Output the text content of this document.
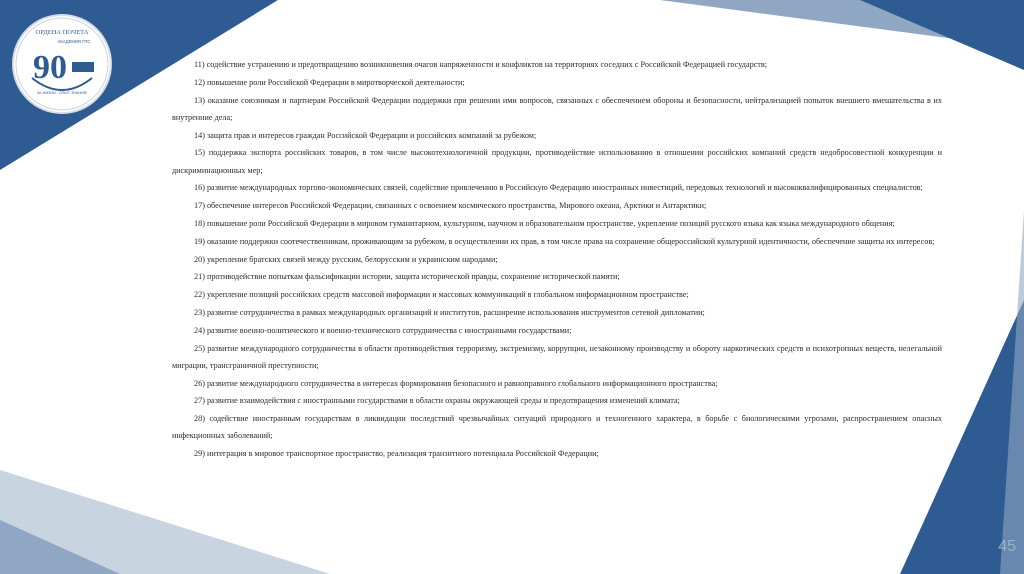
ОРДЕНА ПОЧЕТА
АКАДЕМИЯ ГПС
90
ЗА ЖИЗНИ - ОПЫТ, ЗНАНИЯ!

11) содействие устранению и предотвращению возникновения очагов напряженности и конфликтов на территориях соседних с Российской Федерацией государств;

12) повышение роли Российской Федерации в миротворческой деятельности;

13) оказание союзникам и партнерам Российской Федерации поддержки при решении ими вопросов, связанных с обеспечением обороны и безопасности, нейтрализацией попыток внешнего вмешательства в их внутренние дела;

14) защита прав и интересов граждан Российской Федерации и российских компаний за рубежом;

15) поддержка экспорта российских товаров, в том числе высокотехнологичной продукции, противодействие использованию в отношении российских компаний средств недобросовестной конкуренции и дискриминационных мер;

16) развитие международных торгово-экономических связей, содействие привлечению в Российскую Федерацию иностранных инвестиций, передовых технологий и высококвалифицированных специалистов;

17) обеспечение интересов Российской Федерации, связанных с освоением космического пространства, Мирового океана, Арктики и Антарктики;

18) повышение роли Российской Федерации в мировом гуманитарном, культурном, научном и образовательном пространстве, укрепление позиций русского языка как языка международного общения;

19) оказание поддержки соотечественникам, проживающим за рубежом, в осуществлении их прав, в том числе права на сохранение общероссийской культурной идентичности, обеспечение защиты их интересов;

20) укрепление братских связей между русским, белорусским и украинским народами;

21) противодействие попыткам фальсификации истории, защита исторической правды, сохранение исторической памяти;

22) укрепление позиций российских средств массовой информации и массовых коммуникаций в глобальном информационном пространстве;

23) развитие сотрудничества в рамках международных организаций и институтов, расширение использования инструментов сетевой дипломатии;

24) развитие военно-политического и военно-технического сотрудничества с иностранными государствами;

25) развитие международного сотрудничества в области противодействия терроризму, экстремизму, коррупции, незаконному производству и обороту наркотических средств и психотропных веществ, нелегальной миграции, трансграничной преступности;

26) развитие международного сотрудничества в интересах формирования безопасного и равноправного глобального информационного пространства;

27) развитие взаимодействия с иностранными государствами в области охраны окружающей среды и предотвращения изменений климата;

28) содействие иностранным государствам в ликвидации последствий чрезвычайных ситуаций природного и техногенного характера, в борьбе с биологическими угрозами, распространением опасных инфекционных заболеваний;

29) интеграция в мировое транспортное пространство, реализация транзитного потенциала Российской Федерации;

45
